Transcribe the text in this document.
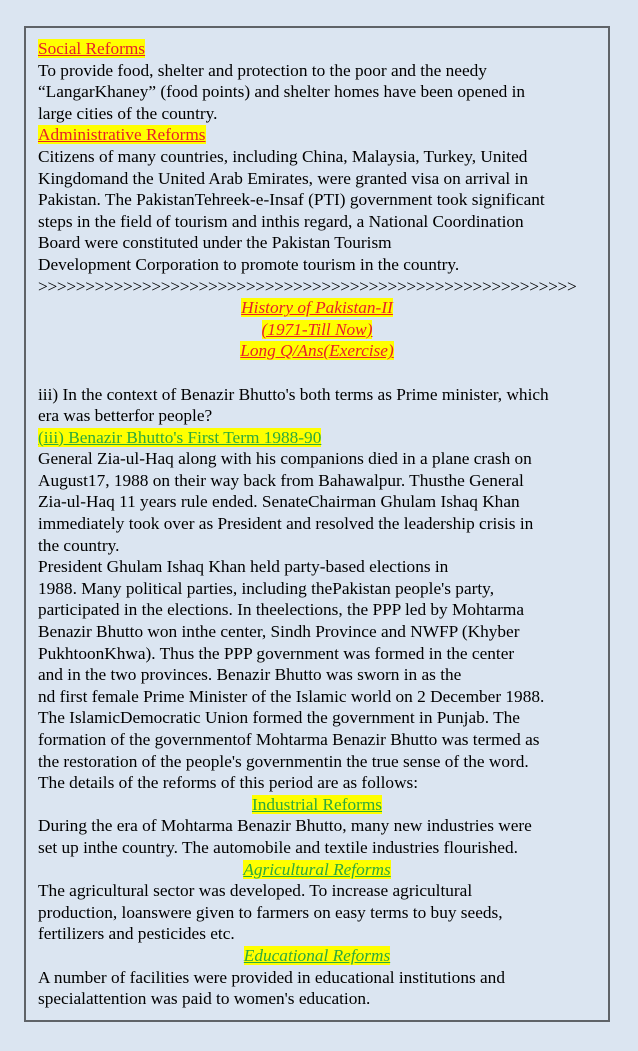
Social Reforms

To provide food, shelter and protection to the poor and the needy
“LangarKhaney” (food points) and shelter homes have been opened in
large cities of the country.

Administrative Reforms

Citizens of many countries, including China, Malaysia, Turkey, United
Kingdomand the United Arab Emirates, were granted visa on arrival in
Pakistan. The PakistanTehreek-e-Insaf (PTI) government took significant
steps in the field of tourism and inthis regard, a National Coordination
Board were constituted under the Pakistan Tourism
Development Corporation to promote tourism in the country.

>>>>>>>>>>>>>>>>>>>>>>>>>>>>>>>>>>>>>>>>>>>>>>>>>>>>>>>>>

History of Pakistan-II

(1971-Till Now)

Long Q/Ans(Exercise)

iii) In the context of Benazir Bhutto's both terms as Prime minister, which
era was betterfor people?

(iii) Benazir Bhutto's First Term 1988-90

General Zia-ul-Haq along with his companions died in a plane crash on
August17, 1988 on their way back from Bahawalpur. Thusthe General
Zia-ul-Haq 11 years rule ended. SenateChairman Ghulam Ishaq Khan
immediately took over as President and resolved the leadership crisis in
the country.
President Ghulam Ishaq Khan held party-based elections in
1988. Many political parties, including thePakistan people's party,
participated in the elections. In theelections, the PPP led by Mohtarma
Benazir Bhutto won inthe center, Sindh Province and NWFP (Khyber
PukhtoonKhwa). Thus the PPP government was formed in the center
and in the two provinces. Benazir Bhutto was sworn in as the
nd first female Prime Minister of the Islamic world on 2 December 1988.
The IslamicDemocratic Union formed the government in Punjab. The
formation of the governmentof Mohtarma Benazir Bhutto was termed as
the restoration of the people's governmentin the true sense of the word.
The details of the reforms of this period are as follows:

Industrial Reforms

During the era of Mohtarma Benazir Bhutto, many new industries were
set up inthe country. The automobile and textile industries flourished.

Agricultural Reforms

The agricultural sector was developed. To increase agricultural
production, loanswere given to farmers on easy terms to buy seeds,
fertilizers and pesticides etc.

Educational Reforms

A number of facilities were provided in educational institutions and
specialattention was paid to women's education.
